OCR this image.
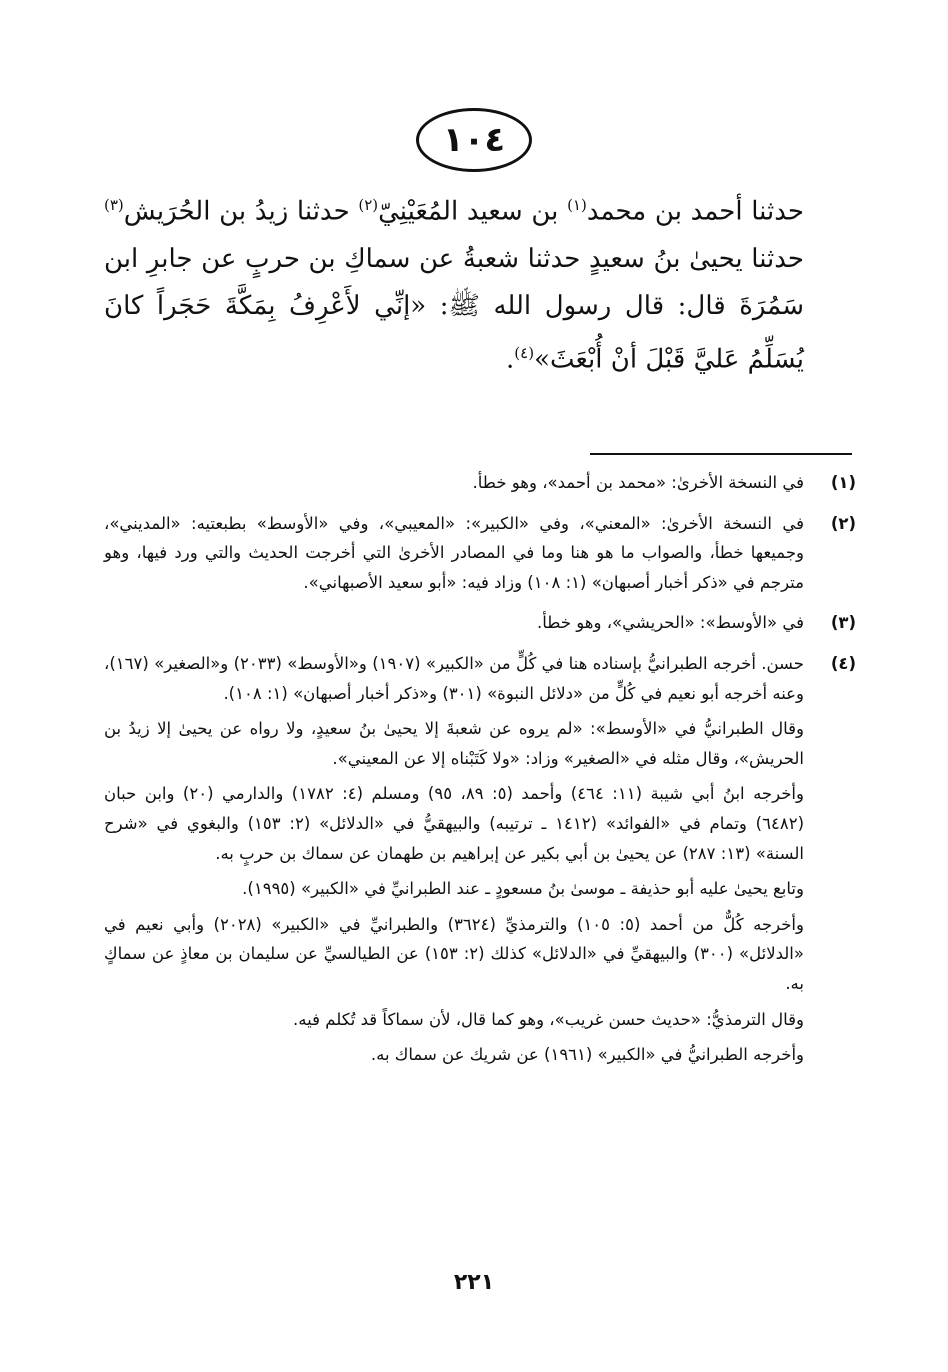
١٠٤

حدثنا أحمد بن محمد$^{(١)}$ بن سعيد المُعَيْنِيّ$^{(٢)}$ حدثنا زيدُ بن الحُرَيش$^{(٣)}$ حدثنا يحيىٰ بنُ سعيدٍ حدثنا شعبةُ عن سماكِ بن حربٍ عن جابرِ ابن سَمُرَةَ قال: قال رسول الله ﷺ: «إنِّي لأَعْرِفُ بِمَكَّةَ حَجَراً كانَ يُسَلِّمُ عَليَّ قَبْلَ أنْ أُبْعَثَ»$^{(٤)}$.

(١)

في النسخة الأخرىٰ: «محمد بن أحمد»، وهو خطأ.

(٢)

في النسخة الأخرىٰ: «المعني»، وفي «الكبير»: «المعيبي»، وفي «الأوسط» بطبعتيه: «المديني»، وجميعها خطأ، والصواب ما هو هنا وما في المصادر الأخرىٰ التي أخرجت الحديث والتي ورد فيها، وهو مترجم في «ذكر أخبار أصبهان» (١: ١٠٨) وزاد فيه: «أبو سعيد الأصبهاني».

(٣)

في «الأوسط»: «الحريشي»، وهو خطأ.

(٤)

حسن. أخرجه الطبرانيُّ بإسناده هنا في كُلٍّ من «الكبير» (١٩٠٧) و«الأوسط» (٢٠٣٣) و«الصغير» (١٦٧)، وعنه أخرجه أبو نعيم في كُلٍّ من «دلائل النبوة» (٣٠١) و«ذكر أخبار أصبهان» (١: ١٠٨).

وقال الطبرانيُّ في «الأوسط»: «لم يروه عن شعبةَ إلا يحيىٰ بنُ سعيدٍ، ولا رواه عن يحيىٰ إلا زيدُ بن الحريش»، وقال مثله في «الصغير» وزاد: «ولا كَتَبْناه إلا عن المعيني».

وأخرجه ابنُ أبي شيبة (١١: ٤٦٤) وأحمد (٥: ٨٩، ٩٥) ومسلم (٤: ١٧٨٢) والدارمي (٢٠) وابن حبان (٦٤٨٢) وتمام في «الفوائد» (١٤١٢ ـ ترتيبه) والبيهقيُّ في «الدلائل» (٢: ١٥٣) والبغوي في «شرح السنة» (١٣: ٢٨٧) عن يحيىٰ بن أبي بكير عن إبراهيم بن طهمان عن سماك بن حربٍ به.

وتابع يحيىٰ عليه أبو حذيفة ـ موسىٰ بنُ مسعودٍ ـ عند الطبرانيِّ في «الكبير» (١٩٩٥).

وأخرجه كُلٌّ من أحمد (٥: ١٠٥) والترمذيِّ (٣٦٢٤) والطبرانيِّ في «الكبير» (٢٠٢٨) وأبي نعيم في «الدلائل» (٣٠٠) والبيهقيِّ في «الدلائل» كذلك (٢: ١٥٣) عن الطيالسيِّ عن سليمان بن معاذٍ عن سماكٍ به.

وقال الترمذيُّ: «حديث حسن غريب»، وهو كما قال، لأن سماكاً قد تُكلم فيه.

وأخرجه الطبرانيُّ في «الكبير» (١٩٦١) عن شريك عن سماك به.

٢٢١
